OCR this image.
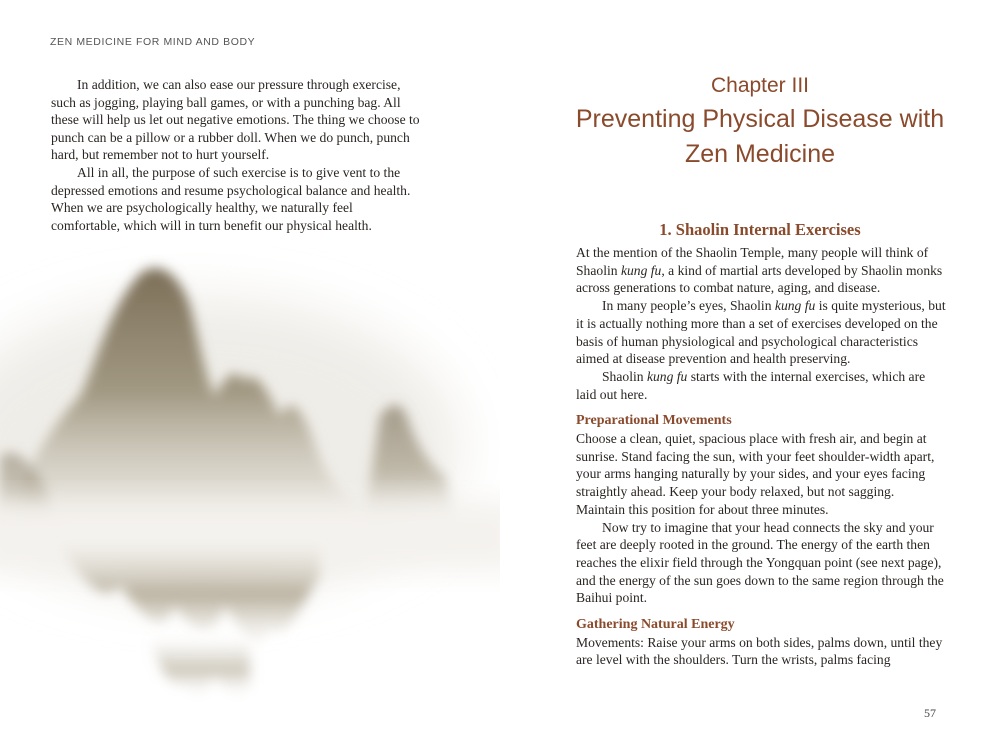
ZEN MEDICINE FOR MIND AND BODY

In addition, we can also ease our pressure through exercise, such as jogging, playing ball games, or with a punching bag. All these will help us let out negative emotions. The thing we choose to punch can be a pillow or a rubber doll. When we do punch, punch hard, but remember not to hurt yourself.

All in all, the purpose of such exercise is to give vent to the depressed emotions and resume psychological balance and health. When we are psychologically healthy, we naturally feel comfortable, which will in turn benefit our physical health.

Chapter III
Preventing Physical Disease with
Zen Medicine
1. Shaolin Internal Exercises

At the mention of the Shaolin Temple, many people will think of Shaolin kung fu, a kind of martial arts developed by Shaolin monks across generations to combat nature, aging, and disease.

In many people’s eyes, Shaolin kung fu is quite mysterious, but it is actually nothing more than a set of exercises developed on the basis of human physiological and psychological characteristics aimed at disease prevention and health preserving.

Shaolin kung fu starts with the internal exercises, which are laid out here.

Preparational Movements

Choose a clean, quiet, spacious place with fresh air, and begin at sunrise. Stand facing the sun, with your feet shoulder-width apart, your arms hanging naturally by your sides, and your eyes facing straightly ahead. Keep your body relaxed, but not sagging. Maintain this position for about three minutes.

Now try to imagine that your head connects the sky and your feet are deeply rooted in the ground. The energy of the earth then reaches the elixir field through the Yongquan point (see next page), and the energy of the sun goes down to the same region through the Baihui point.

Gathering Natural Energy

Movements: Raise your arms on both sides, palms down, until they are level with the shoulders. Turn the wrists, palms facing

57
